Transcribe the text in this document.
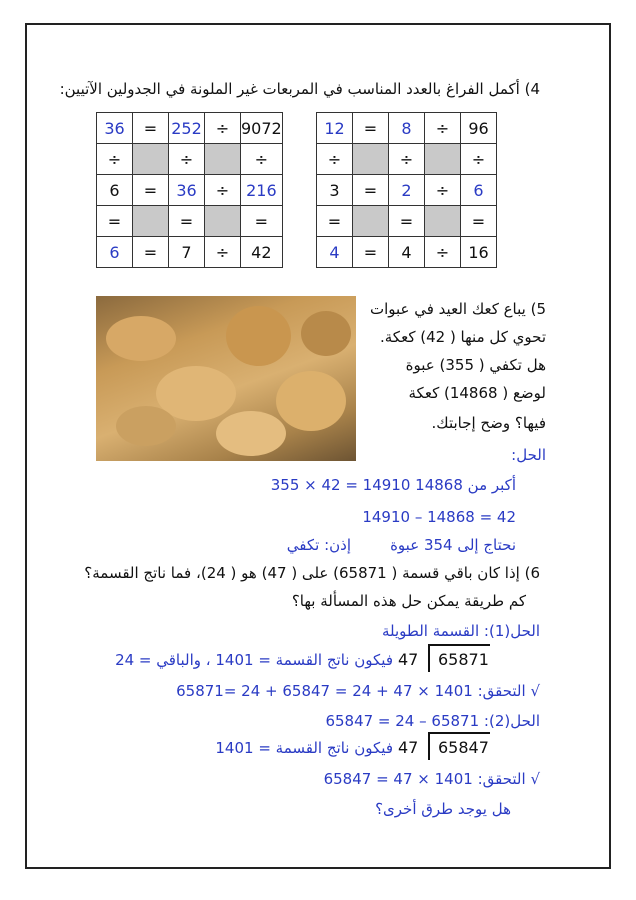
4) أكمل الفراغ بالعدد المناسب في المربعات غير الملونة في الجدولين الآتيين:
36	=	252	÷	9072
÷		÷		÷
6	=	36	÷	216
=		=		=
6	=	7	÷	42
12	=	8	÷	96
÷		÷		÷
3	=	2	÷	6
=		=		=
4	=	4	÷	16
5) يباع كعك العيد في عبوات
تحوي كل منها ( 42) كعكة.
هل تكفي ( 355) عبوة
لوضع ( 14868) كعكة
فيها؟ وضح إجابتك.
الحل:
355 × 42 = 14910 أكبر من 14868
14910 – 14868 = 42
نحتاج إلى 354 عبوة
إذن: تكفي
6) إذا كان باقي قسمة ( 65871) على ( 47) هو ( 24)، فما ناتج القسمة؟
كم طريقة يمكن حل هذه المسألة بها؟
الحل(1): القسمة الطويلة
47 65871
فيكون ناتج القسمة = 1401 ، والباقي = 24
التحقق: 1401 × 47 + 24 = 65847 + 24 =65871 √
الحل(2): 65871 – 24 = 65847
47 65847
فيكون ناتج القسمة = 1401
التحقق: 1401 × 47 = 65847 √
هل يوجد طرق أخرى؟
